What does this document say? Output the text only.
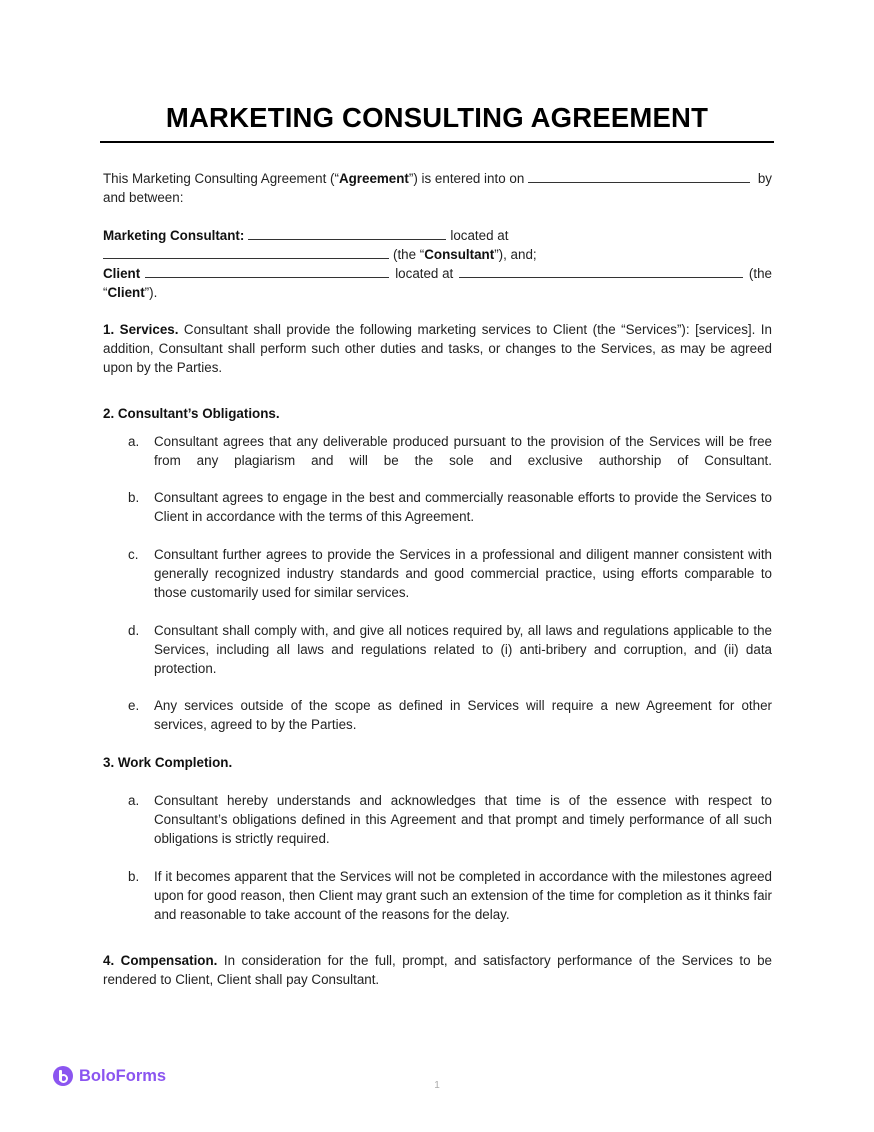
MARKETING CONSULTING AGREEMENT
This Marketing Consulting Agreement (“ Agreement ”) is entered into on	by
and between:
Marketing Consultant:	located at
(the “ Consultant ”), and;
Client	located at	(the
“Client”).
1. Services. Consultant shall provide the following marketing services to Client (the “Services”): [services]. In addition, Consultant shall perform such other duties and tasks, or changes to the Services, as may be agreed upon by the Parties.
2. Consultant’s Obligations.
a.	Consultant agrees that any deliverable produced pursuant to the provision of the Services will be free from any plagiarism and will be the sole and exclusive authorship of Consultant.
b.	Consultant agrees to engage in the best and commercially reasonable efforts to provide the Services to Client in accordance with the terms of this Agreement.
c.	Consultant further agrees to provide the Services in a professional and diligent manner consistent with generally recognized industry standards and good commercial practice, using efforts comparable to those customarily used for similar services.
d.	Consultant shall comply with, and give all notices required by, all laws and regulations applicable to the Services, including all laws and regulations related to (i) anti-bribery and corruption, and (ii) data protection.
e.	Any services outside of the scope as defined in Services will require a new Agreement for other services, agreed to by the Parties.
3. Work Completion.
a.	Consultant hereby understands and acknowledges that time is of the essence with respect to Consultant’s obligations defined in this Agreement and that prompt and timely performance of all such obligations is strictly required.
b.	If it becomes apparent that the Services will not be completed in accordance with the milestones agreed upon for good reason, then Client may grant such an extension of the time for completion as it thinks fair and reasonable to take account of the reasons for the delay.
4. Compensation. In consideration for the full, prompt, and satisfactory performance of the Services to be rendered to Client, Client shall pay Consultant.
BoloForms
1
